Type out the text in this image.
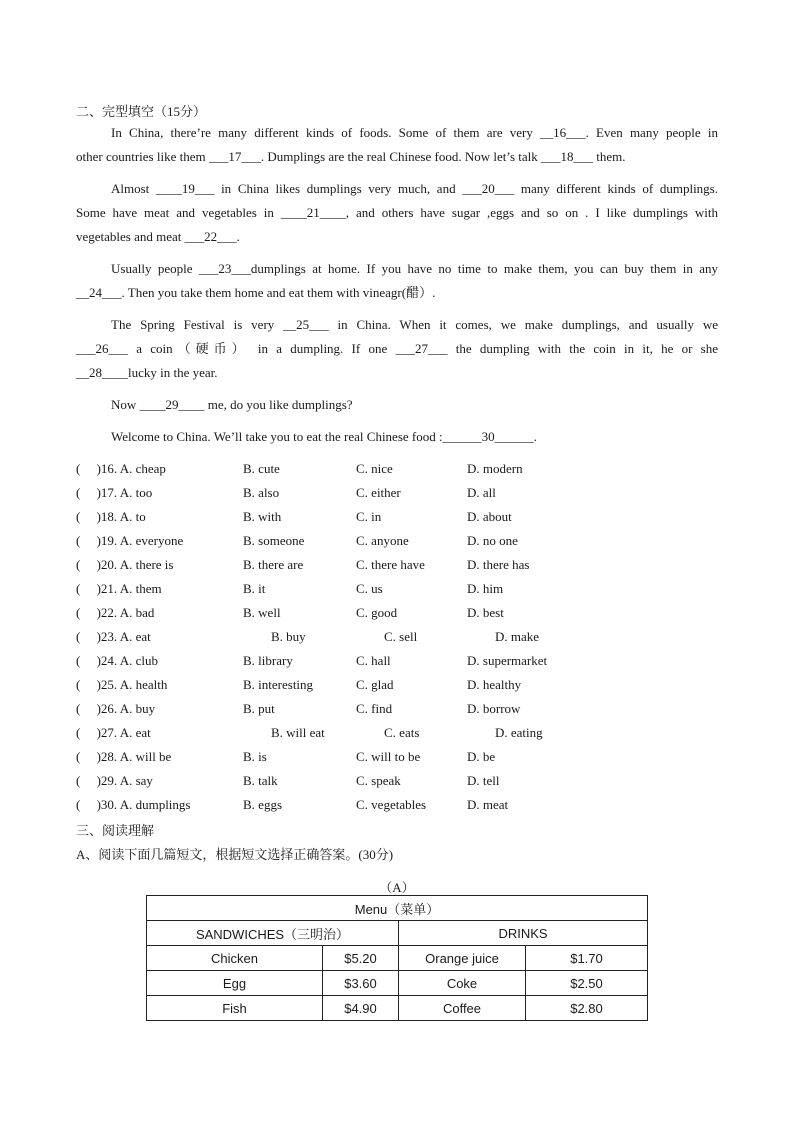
二、完型填空（15分）
In China, there’re many different kinds of foods. Some of them are very __16___. Even many people in
other countries like them ___17___. Dumplings are the real Chinese food. Now let’s talk ___18___ them.
Almost ____19___ in China likes dumplings very much, and ___20___ many different kinds of dumplings.
Some have meat and vegetables in ____21____, and others have sugar ,eggs and so on . I like dumplings with
vegetables and meat ___22___.
Usually people ___23___dumplings at home. If you have no time to make them, you can buy them in any
__24___. Then you take them home and eat them with vineagr(醋）.
The Spring Festival is very __25___ in China. When it comes, we make dumplings, and usually we
___26___ a coin（硬币） in a dumpling. If one ___27___ the dumpling with the coin in it, he or she
__28____lucky in the year.
Now ____29____ me, do you like dumplings?
Welcome to China. We’ll take you to eat the real Chinese food :______30______.
(　 )16. A. cheap	B. cute	C. nice	D. modern
(　 )17. A. too	B. also	C. either	D. all
(　 )18. A. to	B. with	C. in	D. about
(　 )19. A. everyone	B. someone	C. anyone	D. no one
(　 )20. A. there is	B. there are	C. there have	D. there has
(　 )21. A. them	B. it	C. us	D. him
(　 )22. A. bad	B. well	C. good	D. best
(　 )23. A. eat	B. buy	C. sell	D. make
(　 )24. A. club	B. library	C. hall	D. supermarket
(　 )25. A. health	B. interesting	C. glad	D. healthy
(　 )26. A. buy	B. put	C. find	D. borrow
(　 )27. A. eat	B. will eat	C. eats	D. eating
(　 )28. A. will be	B. is	C. will to be	D. be
(　 )29. A. say	B. talk	C. speak	D. tell
(　 )30. A. dumplings	B. eggs	C. vegetables	D. meat
三、阅读理解
A、阅读下面几篇短文，根据短文选择正确答案。(30分)
（A）
Menu（菜单）			
SANDWICHES（三明治）		DRINKS	
Chicken	$5.20	Orange juice	$1.70
Egg	$3.60	Coke	$2.50
Fish	$4.90	Coffee	$2.80
